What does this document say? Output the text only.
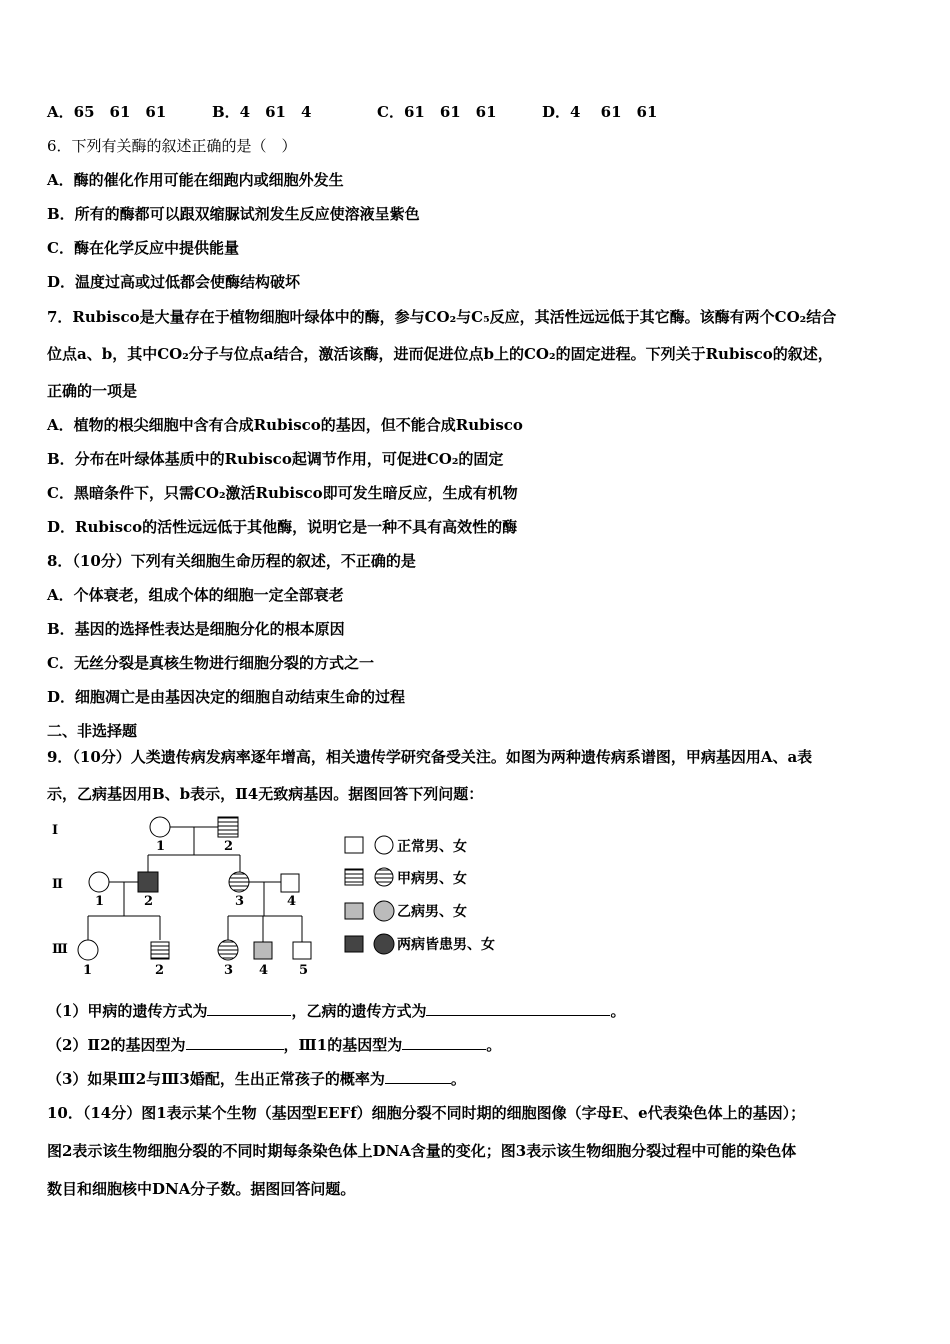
A．65　61　61	B．4　61　4	C．61　61　61	D．4　 61　61
6．下列有关酶的叙述正确的是（　）
A．酶的催化作用可能在细跑内或细胞外发生
B．所有的酶都可以跟双缩脲试剂发生反应使溶液呈紫色
C．酶在化学反应中提供能量
D．温度过高或过低都会使酶结构破坏
7．Rubisco是大量存在于植物细胞叶绿体中的酶，参与CO₂与C₅反应，其活性远远低于其它酶。该酶有两个CO₂结合
位点a、b，其中CO₂分子与位点a结合，激活该酶，进而促进位点b上的CO₂的固定进程。下列关于Rubisco的叙述，
正确的一项是
A．植物的根尖细胞中含有合成Rubisco的基因，但不能合成Rubisco
B．分布在叶绿体基质中的Rubisco起调节作用，可促进CO₂的固定
C．黑暗条件下，只需CO₂激活Rubisco即可发生暗反应，生成有机物
D．Rubisco的活性远远低于其他酶，说明它是一种不具有高效性的酶
8．（10分）下列有关细胞生命历程的叙述，不正确的是
A．个体衰老，组成个体的细胞一定全部衰老
B．基因的选择性表达是细胞分化的根本原因
C．无丝分裂是真核生物进行细胞分裂的方式之一
D．细胞凋亡是由基因决定的细胞自动结束生命的过程
二、非选择题
9．（10分）人类遗传病发病率逐年增高，相关遗传学研究备受关注。如图为两种遗传病系谱图，甲病基因用A、a表
示，乙病基因用B、b表示，Ⅱ4无致病基因。据图回答下列问题：
Ⅰ
Ⅱ
Ⅲ
1	2
1	2	3	4
1	2	3 4 5
正常男、女
甲病男、女
乙病男、女
两病皆患男、女
（1）甲病的遗传方式为	，乙病的遗传方式为	。
（2）Ⅱ2的基因型为	，Ⅲ1的基因型为	。
（3）如果Ⅲ2与Ⅲ3婚配，生出正常孩子的概率为	。
10．（14分）图1表示某个生物（基因型EEFf）细胞分裂不同时期的细胞图像（字母E、e代表染色体上的基因）；
图2表示该生物细胞分裂的不同时期每条染色体上DNA含量的变化；图3表示该生物细胞分裂过程中可能的染色体
数目和细胞核中DNA分子数。据图回答问题。
